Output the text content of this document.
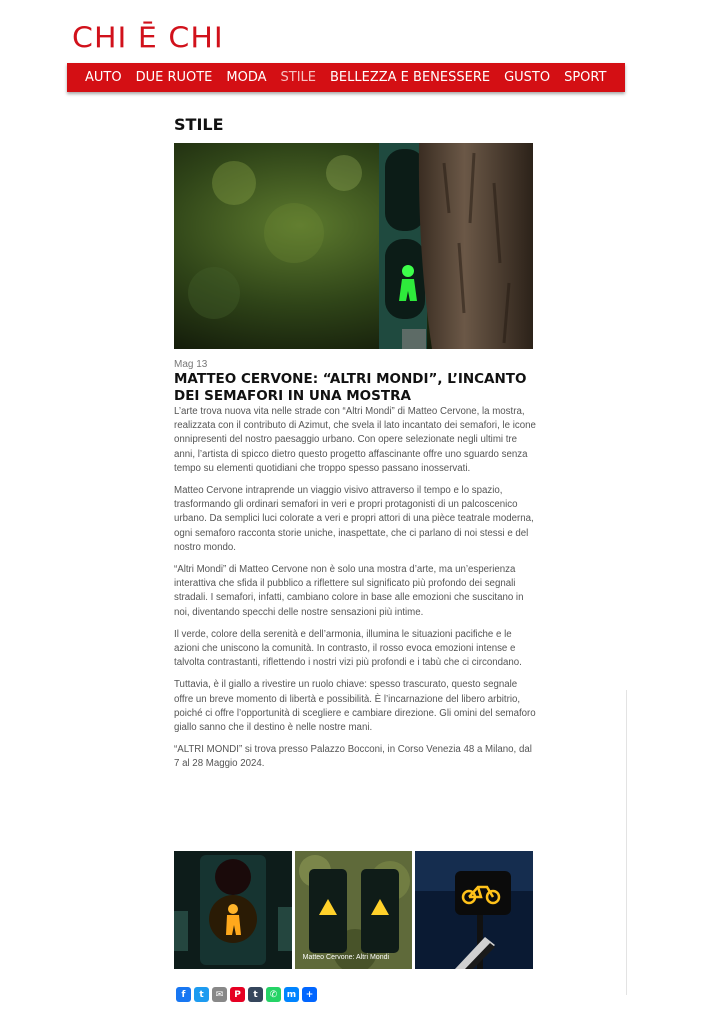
CHI Ē CHI
AUTO DUE RUOTE MODA STILE BELLEZZA E BENESSERE GUSTO SPORT
STILE
Mag 13
MATTEO CERVONE: “ALTRI MONDI”, L’INCANTO DEI SEMAFORI IN UNA MOSTRA

L’arte trova nuova vita nelle strade con “Altri Mondi” di Matteo Cervone, la mostra, realizzata con il contributo di Azimut, che svela il lato incantato dei semafori, le icone onnipresenti del nostro paesaggio urbano. Con opere selezionate negli ultimi tre anni, l’artista di spicco dietro questo progetto affascinante offre uno sguardo senza tempo su elementi quotidiani che troppo spesso passano inosservati.

Matteo Cervone intraprende un viaggio visivo attraverso il tempo e lo spazio, trasformando gli ordinari semafori in veri e propri protagonisti di un palcoscenico urbano. Da semplici luci colorate a veri e propri attori di una pièce teatrale moderna, ogni semaforo racconta storie uniche, inaspettate, che ci parlano di noi stessi e del nostro mondo.

“Altri Mondi” di Matteo Cervone non è solo una mostra d’arte, ma un’esperienza interattiva che sfida il pubblico a riflettere sul significato più profondo dei segnali stradali. I semafori, infatti, cambiano colore in base alle emozioni che suscitano in noi, diventando specchi delle nostre sensazioni più intime.

Il verde, colore della serenità e dell’armonia, illumina le situazioni pacifiche e le azioni che uniscono la comunità. In contrasto, il rosso evoca emozioni intense e talvolta contrastanti, riflettendo i nostri vizi più profondi e i tabù che ci circondano.

Tuttavia, è il giallo a rivestire un ruolo chiave: spesso trascurato, questo segnale offre un breve momento di libertà e possibilità. È l’incarnazione del libero arbitrio, poiché ci offre l’opportunità di scegliere e cambiare direzione. Gli omini del semaforo giallo sanno che il destino è nelle nostre mani.

“ALTRI MONDI” si trova presso Palazzo Bocconi, in Corso Venezia 48 a Milano, dal 7 al 28 Maggio 2024.

Matteo Cervone: Altri Mondi
f	t	✉	P	t	✆	m	+
